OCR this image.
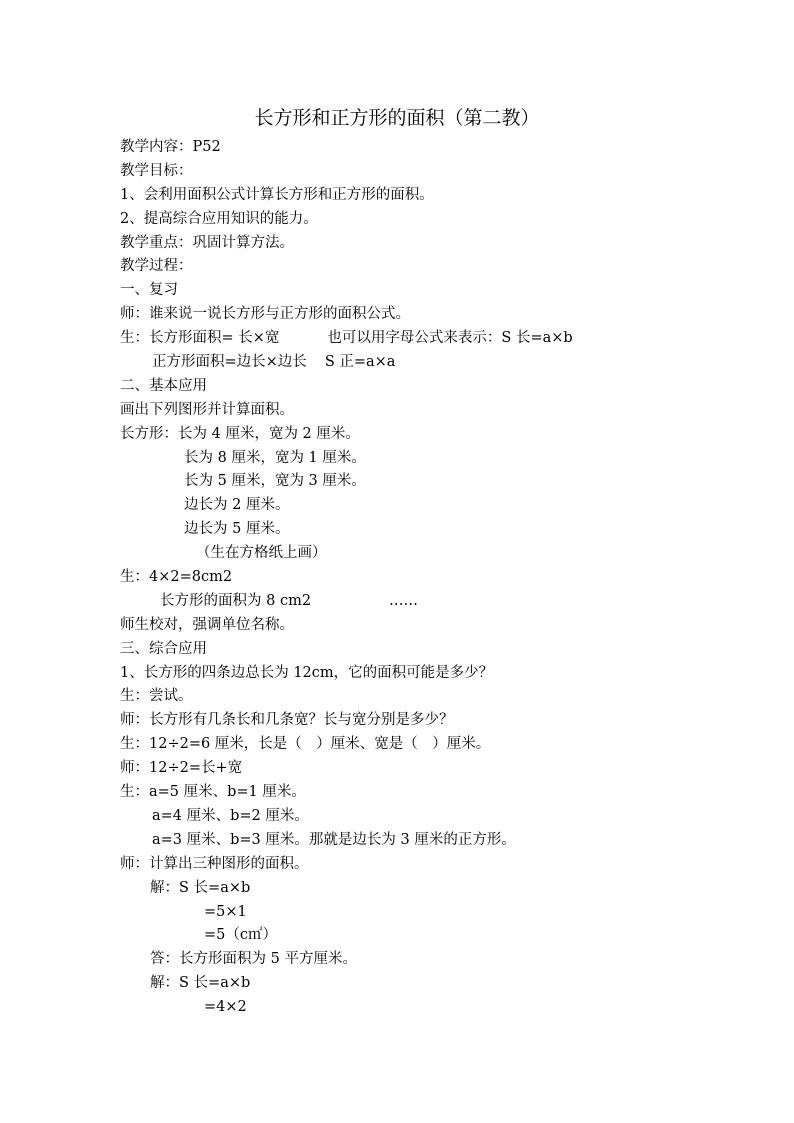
长方形和正方形的面积（第二教）
教学内容：P52
教学目标：
1、会利用面积公式计算长方形和正方形的面积。
2、提高综合应用知识的能力。
教学重点：巩固计算方法。
教学过程：
一、复习
师：谁来说一说长方形与正方形的面积公式。
生：长方形面积= 长×宽	也可以用字母公式来表示：S 长=a×b
正方形面积=边长×边长 S 正=a×a
二、基本应用
画出下列图形并计算面积。
长方形：长为 4 厘米，宽为 2 厘米。
长为 8 厘米，宽为 1 厘米。
长为 5 厘米，宽为 3 厘米。
边长为 2 厘米。
边长为 5 厘米。
（生在方格纸上画）
生：4×2=8cm2
长方形的面积为 8 cm2	……
师生校对，强调单位名称。
三、综合应用
1、长方形的四条边总长为 12cm，它的面积可能是多少？
生：尝试。
师：长方形有几条长和几条宽？长与宽分别是多少？
生：12÷2=6 厘米，长是（　）厘米、宽是（　）厘米。
师：12÷2=长+宽
生：a=5 厘米、b=1 厘米。
a=4 厘米、b=2 厘米。
a=3 厘米、b=3 厘米。那就是边长为 3 厘米的正方形。
师：计算出三种图形的面积。
解：S 长=a×b
=5×1
=5（c㎡）
答：长方形面积为 5 平方厘米。
解：S 长=a×b
=4×2
